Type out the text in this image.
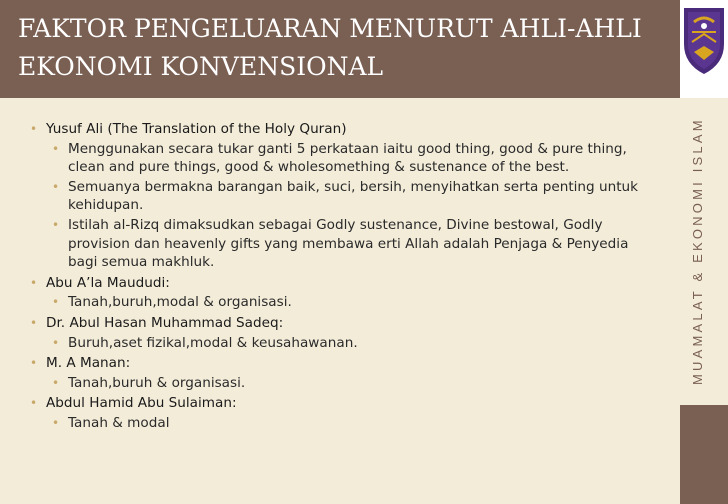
FAKTOR PENGELUARAN MENURUT AHLI-AHLI EKONOMI KONVENSIONAL
MUAMALAT & EKONOMI ISLAM
• Yusuf Ali (The Translation of the Holy Quran)
• Menggunakan secara tukar ganti 5 perkataan iaitu good thing, good & pure thing, clean and pure things, good & wholesomething & sustenance of the best.
• Semuanya bermakna barangan baik, suci, bersih, menyihatkan serta penting untuk kehidupan.
• Istilah al-Rizq dimaksudkan sebagai Godly sustenance, Divine bestowal, Godly provision dan heavenly gifts yang membawa erti Allah adalah Penjaga & Penyedia bagi semua makhluk.
• Abu A’la Maududi:
• Tanah,buruh,modal & organisasi.
• Dr. Abul Hasan Muhammad Sadeq:
• Buruh,aset fizikal,modal & keusahawanan.
• M. A Manan:
• Tanah,buruh & organisasi.
• Abdul Hamid Abu Sulaiman:
• Tanah & modal
